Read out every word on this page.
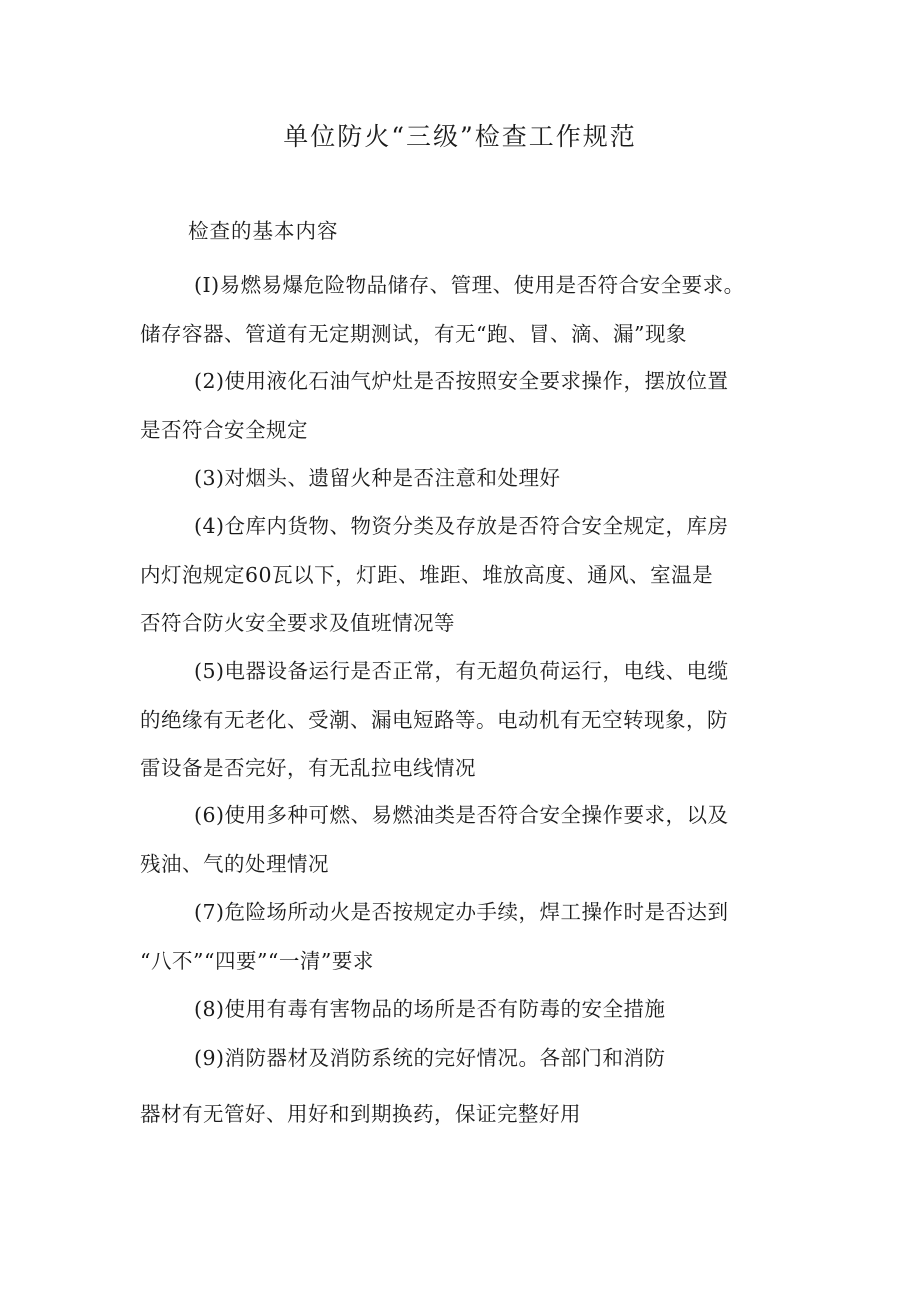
单位防火“三级”检查工作规范

检查的基本内容

(I)易燃易爆危险物品储存、管理、使用是否符合安全要求。
储存容器、管道有无定期测试，有无“跑、冒、滴、漏”现象

(2)使用液化石油气炉灶是否按照安全要求操作，摆放位置
是否符合安全规定

(3)对烟头、遗留火种是否注意和处理好

(4)仓库内货物、物资分类及存放是否符合安全规定，库房
内灯泡规定60瓦以下，灯距、堆距、堆放高度、通风、室温是
否符合防火安全要求及值班情况等

(5)电器设备运行是否正常，有无超负荷运行，电线、电缆
的绝缘有无老化、受潮、漏电短路等。电动机有无空转现象，防
雷设备是否完好，有无乱拉电线情况

(6)使用多种可燃、易燃油类是否符合安全操作要求，以及
残油、气的处理情况

(7)危险场所动火是否按规定办手续，焊工操作时是否达到
“八不”“四要”“一清”要求

(8)使用有毒有害物品的场所是否有防毒的安全措施

(9)消防器材及消防系统的完好情况。各部门和消防
器材有无管好、用好和到期换药，保证完整好用
